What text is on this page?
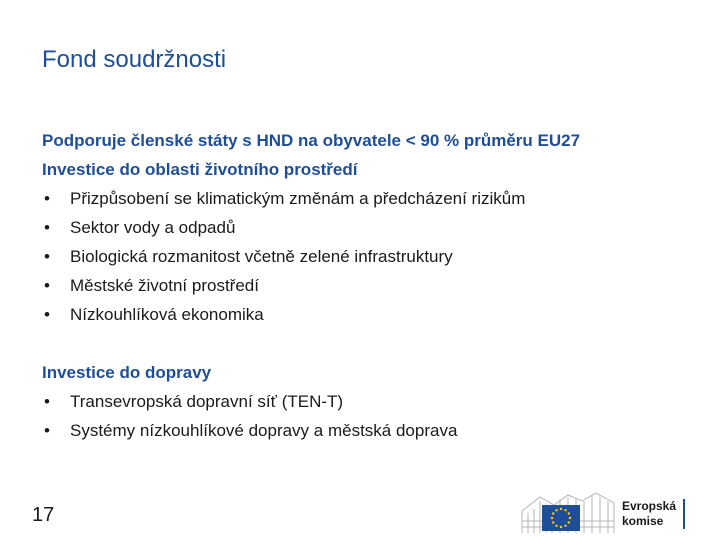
Fond soudržnosti
Podporuje členské státy s HND na obyvatele < 90 % průměru EU27
Investice do oblasti životního prostředí
• Přizpůsobení se klimatickým změnám a předcházení rizikům
• Sektor vody a odpadů
• Biologická rozmanitost včetně zelené infrastruktury
• Městské životní prostředí
• Nízkouhlíková ekonomika
Investice do dopravy
• Transevropská dopravní síť (TEN-T)
• Systémy nízkouhlíkové dopravy a městská doprava
17	Evropská
komise
